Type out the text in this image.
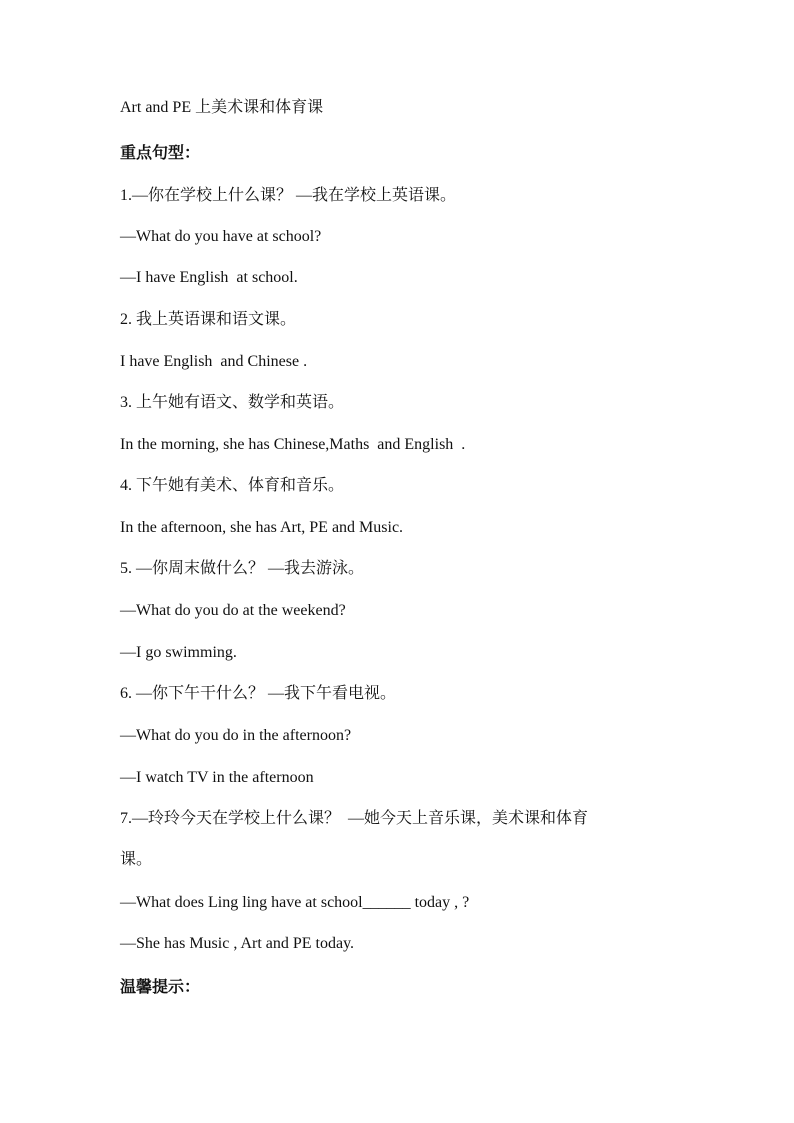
Art and PE 上美术课和体育课
重点句型：
1.—你在学校上什么课？ —我在学校上英语课。
—What do you have at school?
—I have English  at school.
2. 我上英语课和语文课。
I have English  and Chinese .
3. 上午她有语文、数学和英语。
In the morning, she has Chinese,Maths  and English  .
4. 下午她有美术、体育和音乐。
In the afternoon, she has Art, PE and Music.
5. —你周末做什么？ —我去游泳。
—What do you do at the weekend?
—I go swimming.
6. —你下午干什么？ —我下午看电视。
—What do you do in the afternoon?
—I watch TV in the afternoon
7.—玲玲今天在学校上什么课？  —她今天上音乐课，美术课和体育
课。
—What does Ling ling have at school______ today , ?
—She has Music , Art and PE today.
温馨提示：
